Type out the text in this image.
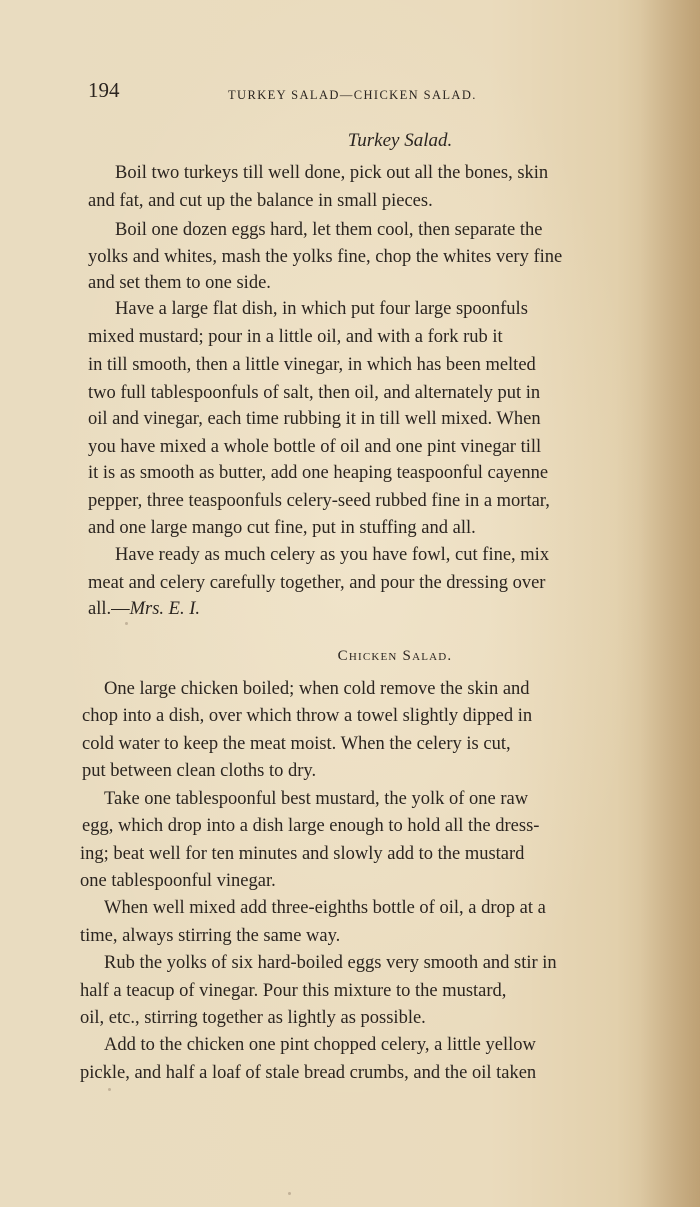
194	TURKEY SALAD—CHICKEN SALAD.
Turkey Salad.
Boil two turkeys till well done, pick out all the bones, skin
and fat, and cut up the balance in small pieces.
Boil one dozen eggs hard, let them cool, then separate the
yolks and whites, mash the yolks fine, chop the whites very fine
and set them to one side.
Have a large flat dish, in which put four large spoonfuls
mixed mustard; pour in a little oil, and with a fork rub it
in till smooth, then a little vinegar, in which has been melted
two full tablespoonfuls of salt, then oil, and alternately put in
oil and vinegar, each time rubbing it in till well mixed. When
you have mixed a whole bottle of oil and one pint vinegar till
it is as smooth as butter, add one heaping teaspoonful cayenne
pepper, three teaspoonfuls celery-seed rubbed fine in a mortar,
and one large mango cut fine, put in stuffing and all.
Have ready as much celery as you have fowl, cut fine, mix
meat and celery carefully together, and pour the dressing over
all.—Mrs. E. I.
Chicken Salad.
One large chicken boiled; when cold remove the skin and
chop into a dish, over which throw a towel slightly dipped in
cold water to keep the meat moist. When the celery is cut,
put between clean cloths to dry.
Take one tablespoonful best mustard, the yolk of one raw
egg, which drop into a dish large enough to hold all the dress-
ing; beat well for ten minutes and slowly add to the mustard
one tablespoonful vinegar.
When well mixed add three-eighths bottle of oil, a drop at a
time, always stirring the same way.
Rub the yolks of six hard-boiled eggs very smooth and stir in
half a teacup of vinegar. Pour this mixture to the mustard,
oil, etc., stirring together as lightly as possible.
Add to the chicken one pint chopped celery, a little yellow
pickle, and half a loaf of stale bread crumbs, and the oil taken
